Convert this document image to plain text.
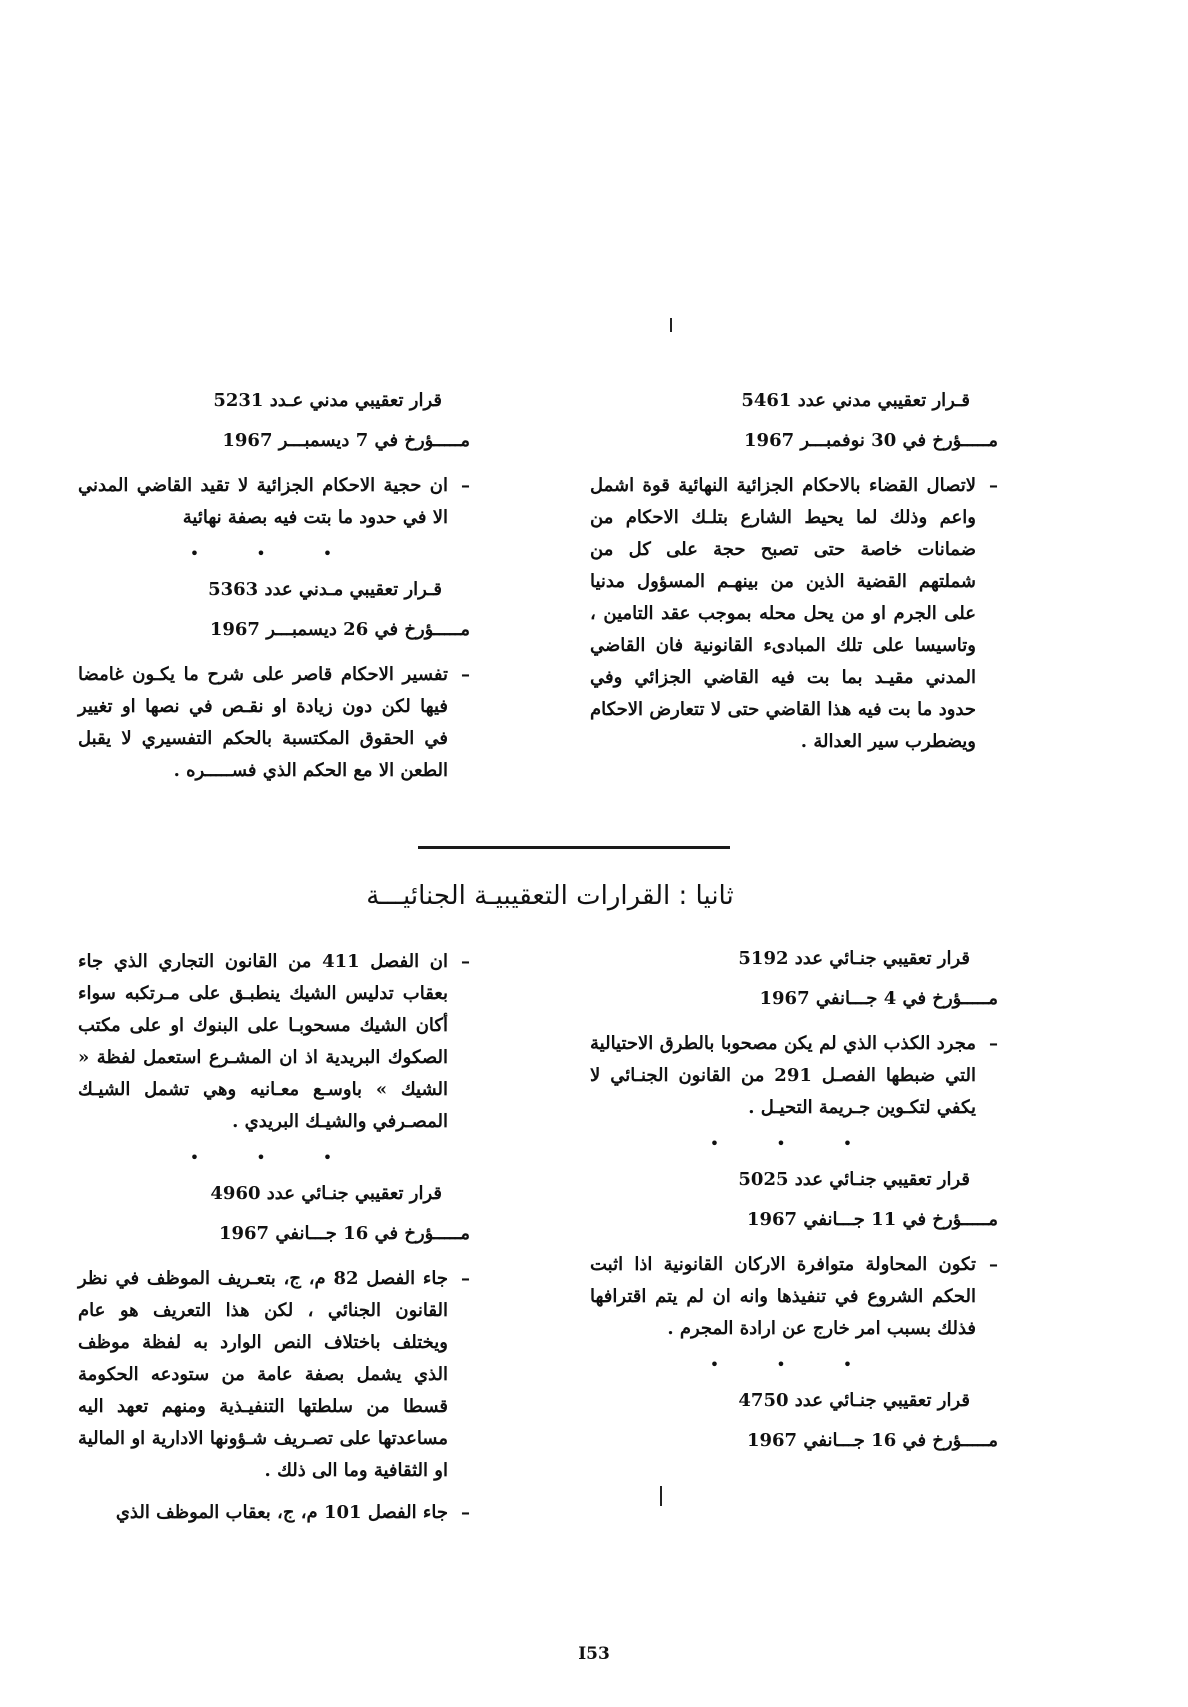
قـرار تعقيبي مدني عدد 5461
مـــــؤرخ في 30 نوفمبـــر 1967
– لاتصال القضاء بالاحكام الجزائية النهائية قوة اشمل واعم وذلك لما يحيط الشارع بتلـك الاحكام من ضمانات خاصة حتى تصبح حجة على كل من شملتهم القضية الذين من بينهـم المسؤول مدنيا على الجرم او من يحل محله بموجب عقد التامين ، وتاسيسا على تلك المبادىء القانونية فان القاضي المدني مقيـد بما بت فيه القاضي الجزائي وفي حدود ما بت فيه هذا القاضي حتى لا تتعارض الاحكام ويضطرب سير العدالة .
قرار تعقيبي مدني عـدد 5231
مـــــؤرخ في 7 ديسمبـــر 1967
– ان حجية الاحكام الجزائية لا تقيد القاضي المدني الا في حدود ما بتت فيه بصفة نهائية
• • •
قـرار تعقيبي مـدني عدد 5363
مـــــؤرخ في 26 ديسمبـــر 1967
– تفسير الاحكام قاصر على شرح ما يكـون غامضا فيها لكن دون زيادة او نقـص في نصها او تغيير في الحقوق المكتسبة بالحكم التفسيري لا يقبل الطعن الا مع الحكم الذي فســـــره .
ثانيا : القرارات التعقيبيـة الجنائيـــة
قرار تعقيبي جنـائي عدد 5192
مـــــؤرخ في 4 جـــانفي 1967
– مجرد الكذب الذي لم يكن مصحوبا بالطرق الاحتيالية التي ضبطها الفصـل 291 من القانون الجنـائي لا يكفي لتكـوين جـريمة التحيـل .
• • •
قرار تعقيبي جنـائي عدد 5025
مـــــؤرخ في 11 جـــانفي 1967
– تكون المحاولة متوافرة الاركان القانونية اذا اثبت الحكم الشروع في تنفيذها وانه ان لم يتم اقترافها فذلك بسبب امر خارج عن ارادة المجرم .
• • •
قرار تعقيبي جنـائي عدد 4750
مـــــؤرخ في 16 جـــانفي 1967
– ان الفصل 411 من القانون التجاري الذي جاء بعقاب تدليس الشيك ينطبـق على مـرتكبه سواء أكان الشيك مسحوبـا على البنوك او على مكتب الصكوك البريدية اذ ان المشـرع استعمل لفظة « الشيك » باوسـع معـانيه وهي تشمل الشيـك المصـرفي والشيـك البريدي .
• • •
قرار تعقيبي جنـائي عدد 4960
مـــــؤرخ في 16 جـــانفي 1967
– جاء الفصل 82 م، ج، بتعـريف الموظف في نظر القانون الجنائي ، لكن هذا التعريف هو عام ويختلف باختلاف النص الوارد به لفظة موظف الذي يشمل بصفة عامة من ستودعه الحكومة قسطا من سلطتها التنفيـذية ومنهم تعهد اليه مساعدتها على تصـريف شـؤونها الادارية او المالية او الثقافية وما الى ذلك .
– جاء الفصل 101 م، ج، بعقاب الموظف الذي
I53
